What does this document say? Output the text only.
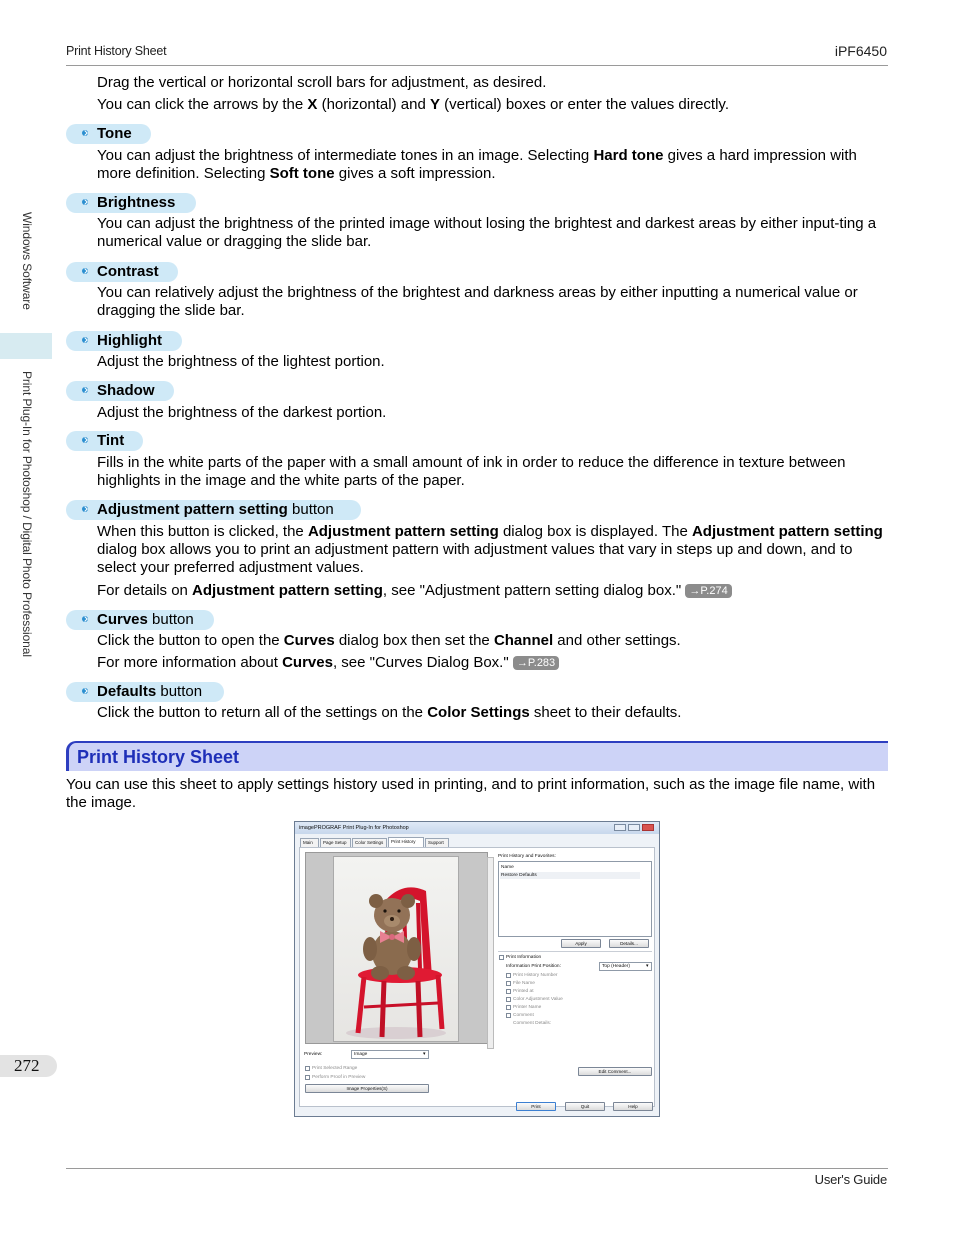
Print History Sheet	iPF6450
User's Guide
Windows Software
Print Plug-In for Photoshop / Digital Photo Professional
272
Drag the vertical or horizontal scroll bars for adjustment, as desired.
You can click the arrows by the X (horizontal) and Y (vertical) boxes or enter the values directly.
Tone
You can adjust the brightness of intermediate tones in an image. Selecting Hard tone gives a hard impression with more definition. Selecting Soft tone gives a soft impression.
Brightness
You can adjust the brightness of the printed image without losing the brightest and darkest areas by either input-ting a numerical value or dragging the slide bar.
Contrast
You can relatively adjust the brightness of the brightest and darkness areas by either inputting a numerical value or dragging the slide bar.
Highlight
Adjust the brightness of the lightest portion.
Shadow
Adjust the brightness of the darkest portion.
Tint
Fills in the white parts of the paper with a small amount of ink in order to reduce the difference in texture between highlights in the image and the white parts of the paper.
Adjustment pattern setting button
When this button is clicked, the Adjustment pattern setting dialog box is displayed. The Adjustment pattern setting dialog box allows you to print an adjustment pattern with adjustment values that vary in steps up and down, and to select your preferred adjustment values.
For details on Adjustment pattern setting, see "Adjustment pattern setting dialog box." →P.274
Curves button
Click the button to open the Curves dialog box then set the Channel and other settings.
For more information about Curves, see "Curves Dialog Box." →P.283
Defaults button
Click the button to return all of the settings on the Color Settings sheet to their defaults.
Print History Sheet
You can use this sheet to apply settings history used in printing, and to print information, such as the image file name, with the image.
imagePROGRAF Print Plug-In for Photoshop
Main	Page Setup	Color Settings	Print History	Support
Print History and Favorites:
Name
Restore Defaults
Apply	Details...
Print Information
Information Print Position:	Top (Header)	▾
Print History Number
File Name
Printed at
Color Adjustment Value
Printer Name
Comment
Comment Details:
Preview:	Image	▾
Print Selected Range
Perform Proof in Preview
Image Properties(S)
Edit Comment...
Print	Quit	Help
